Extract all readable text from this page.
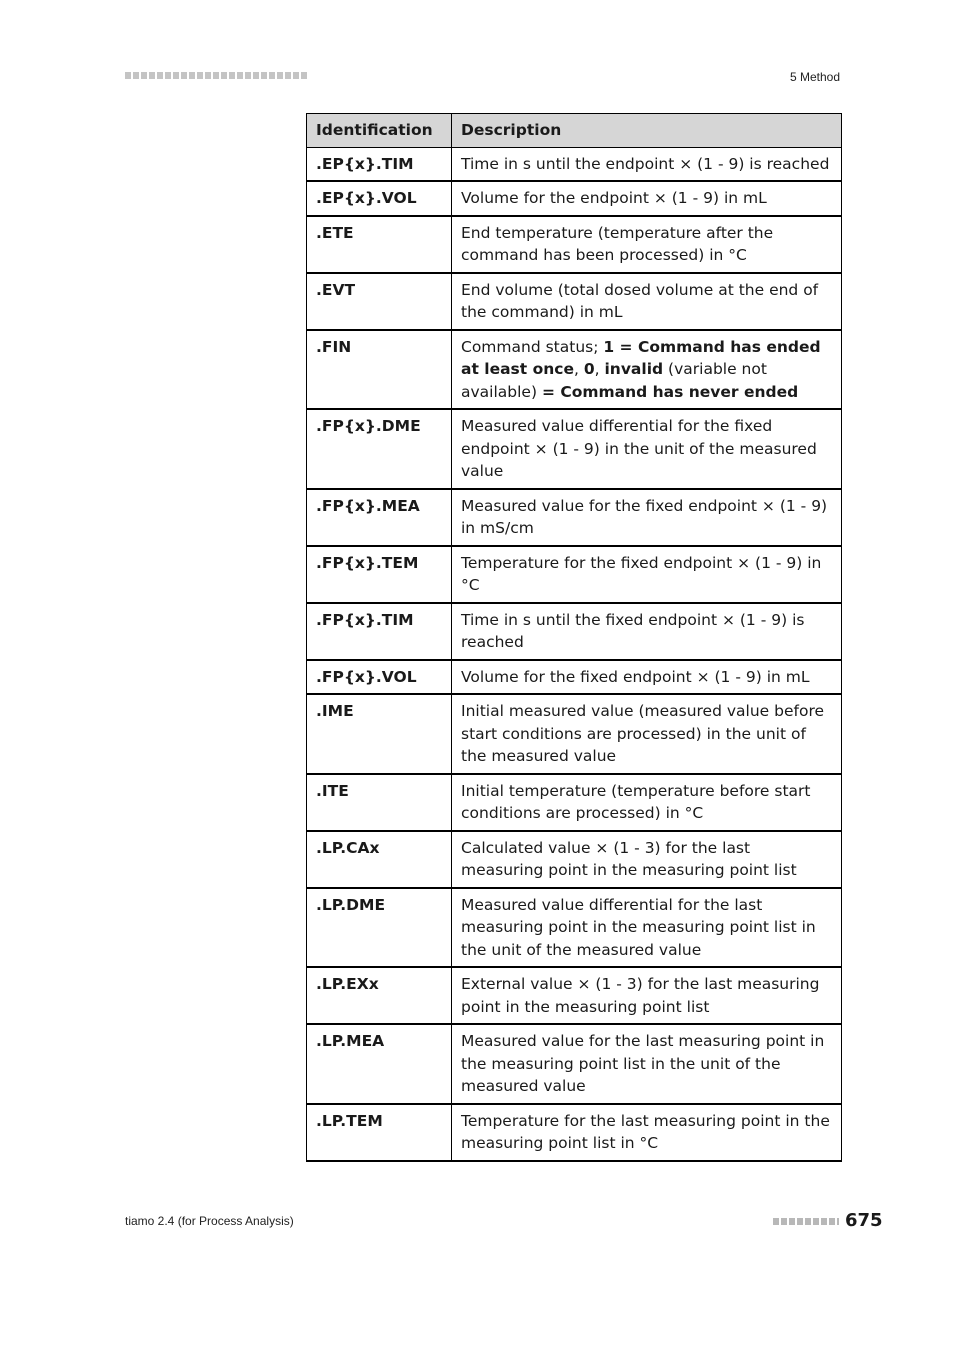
5 Method
Identification	Description
.EP{x}.TIM	Time in s until the endpoint × (1 - 9) is reached
.EP{x}.VOL	Volume for the endpoint × (1 - 9) in mL
.ETE	End temperature (temperature after the command has been processed) in °C
.EVT	End volume (total dosed volume at the end of the command) in mL
.FIN	Command status; 1 = Command has ended at least once, 0, invalid (variable not available) = Command has never ended
.FP{x}.DME	Measured value differential for the fixed endpoint × (1 - 9) in the unit of the measured value
.FP{x}.MEA	Measured value for the fixed endpoint × (1 - 9) in mS/cm
.FP{x}.TEM	Temperature for the fixed endpoint × (1 - 9) in °C
.FP{x}.TIM	Time in s until the fixed endpoint × (1 - 9) is reached
.FP{x}.VOL	Volume for the fixed endpoint × (1 - 9) in mL
.IME	Initial measured value (measured value before start conditions are processed) in the unit of the measured value
.ITE	Initial temperature (temperature before start conditions are processed) in °C
.LP.CAx	Calculated value × (1 - 3) for the last measuring point in the measuring point list
.LP.DME	Measured value differential for the last measuring point in the measuring point list in the unit of the measured value
.LP.EXx	External value × (1 - 3) for the last measuring point in the measuring point list
.LP.MEA	Measured value for the last measuring point in the measuring point list in the unit of the measured value
.LP.TEM	Temperature for the last measuring point in the measuring point list in °C
tiamo 2.4 (for Process Analysis)	675
